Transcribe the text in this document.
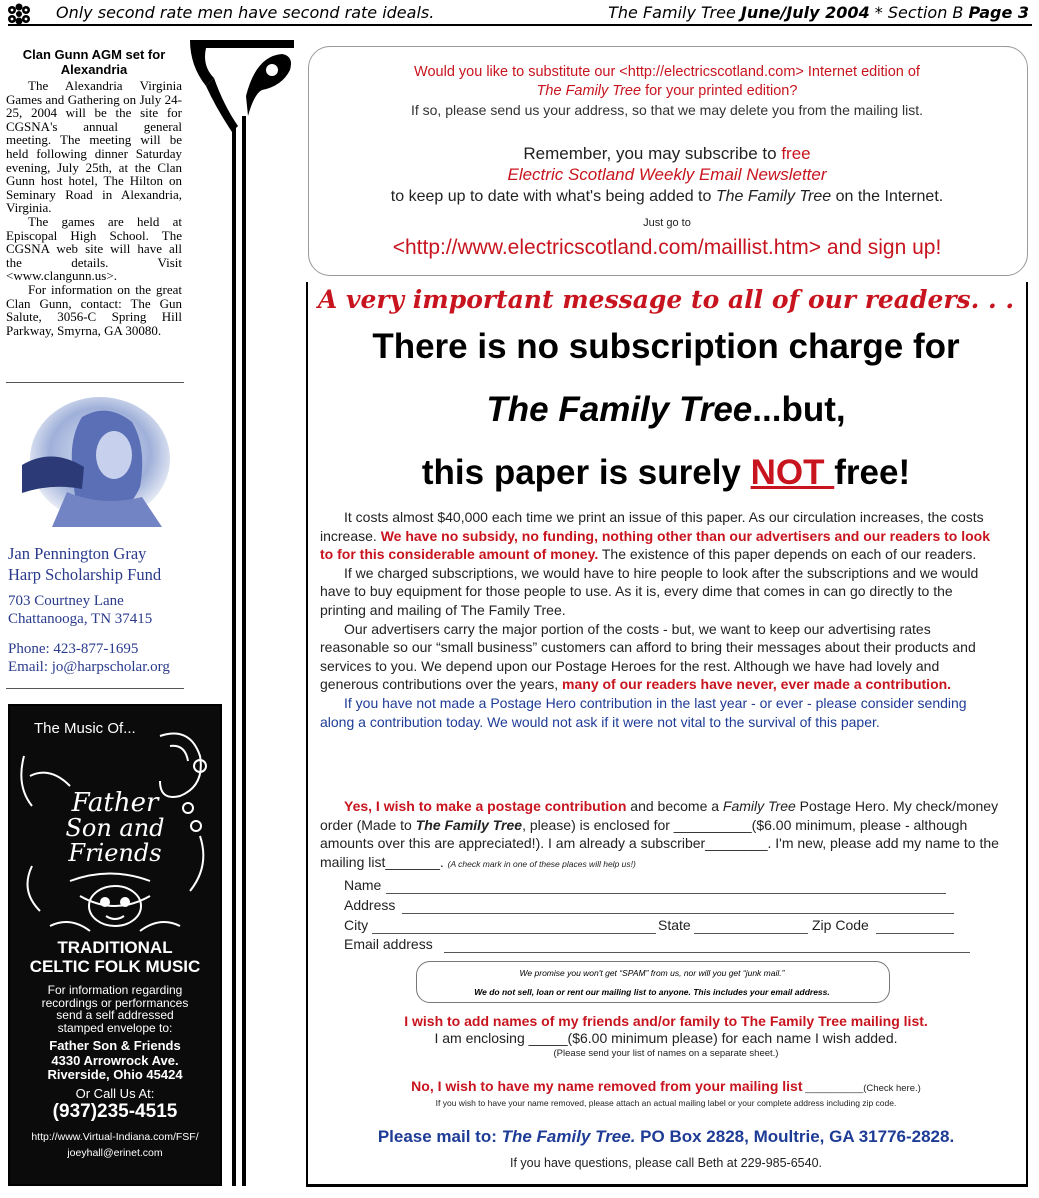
Only second rate men have second rate ideals.	The Family Tree June/July 2004 * Section B Page 3
Clan Gunn AGM set for Alexandria

The Alexandria Virginia Games and Gathering on July 24-25, 2004 will be the site for CGSNA's annual general meeting. The meeting will be held following dinner Saturday evening, July 25th, at the Clan Gunn host hotel, The Hilton on Seminary Road in Alexandria, Virginia.

The games are held at Episcopal High School. The CGSNA web site will have all the details. Visit <www.clangunn.us>.

For information on the great Clan Gunn, contact: The Gun Salute, 3056-C Spring Hill Parkway, Smyrna, GA 30080.

Jan Pennington Gray
Harp Scholarship Fund
703 Courtney Lane
Chattanooga, TN 37415
Phone: 423-877-1695
Email: jo@harpscholar.org
Father
Son and
Friends
The Music Of...
TRADITIONAL
CELTIC FOLK MUSIC
For information regarding
recordings or performances
send a self addressed
stamped envelope to:
Father Son & Friends
4330 Arrowrock Ave.
Riverside, Ohio 45424
Or Call Us At:
(937)235-4515
http://www.Virtual-Indiana.com/FSF/
joeyhall@erinet.com
Would you like to substitute our <http://electricscotland.com> Internet edition of
The Family Tree for your printed edition?
If so, please send us your address, so that we may delete you from the mailing list.
Remember, you may subscribe to free
Electric Scotland Weekly Email Newsletter
to keep up to date with what's being added to The Family Tree on the Internet.
Just go to
<http://www.electricscotland.com/maillist.htm> and sign up!
A very important message to all of our readers. . .
There is no subscription charge for
The Family Tree...but,
this paper is surely NOT free!

It costs almost $40,000 each time we print an issue of this paper. As our circulation increases, the costs increase. We have no subsidy, no funding, nothing other than our advertisers and our readers to look to for this considerable amount of money. The existence of this paper depends on each of our readers.

If we charged subscriptions, we would have to hire people to look after the subscriptions and we would have to buy equipment for those people to use. As it is, every dime that comes in can go directly to the printing and mailing of The Family Tree.

Our advertisers carry the major portion of the costs - but, we want to keep our advertising rates reasonable so our “small business” customers can afford to bring their messages about their products and services to you. We depend upon our Postage Heroes for the rest. Although we have had lovely and generous contributions over the years, many of our readers have never, ever made a contribution.

If you have not made a Postage Hero contribution in the last year - or ever - please consider sending along a contribution today. We would not ask if it were not vital to the survival of this paper.

Yes, I wish to make a postage contribution and become a Family Tree Postage Hero. My check/money order (Made to The Family Tree, please) is enclosed for __________($6.00 minimum, please - although amounts over this are appreciated!). I am already a subscriber________. I'm new, please add my name to the mailing list_______. (A check mark in one of these places will help us!)

Name
Address
City	State	Zip Code
Email address
We promise you won't get “SPAM” from us, nor will you get “junk mail.”
We do not sell, loan or rent our mailing list to anyone. This includes your email address.
I wish to add names of my friends and/or family to The Family Tree mailing list.
I am enclosing _____($6.00 minimum please) for each name I wish added.
(Please send your list of names on a separate sheet.)
No, I wish to have my name removed from your mailing list ___________(Check here.)
If you wish to have your name removed, please attach an actual mailing label or your complete address including zip code.
Please mail to: The Family Tree. PO Box 2828, Moultrie, GA 31776-2828.
If you have questions, please call Beth at 229-985-6540.
